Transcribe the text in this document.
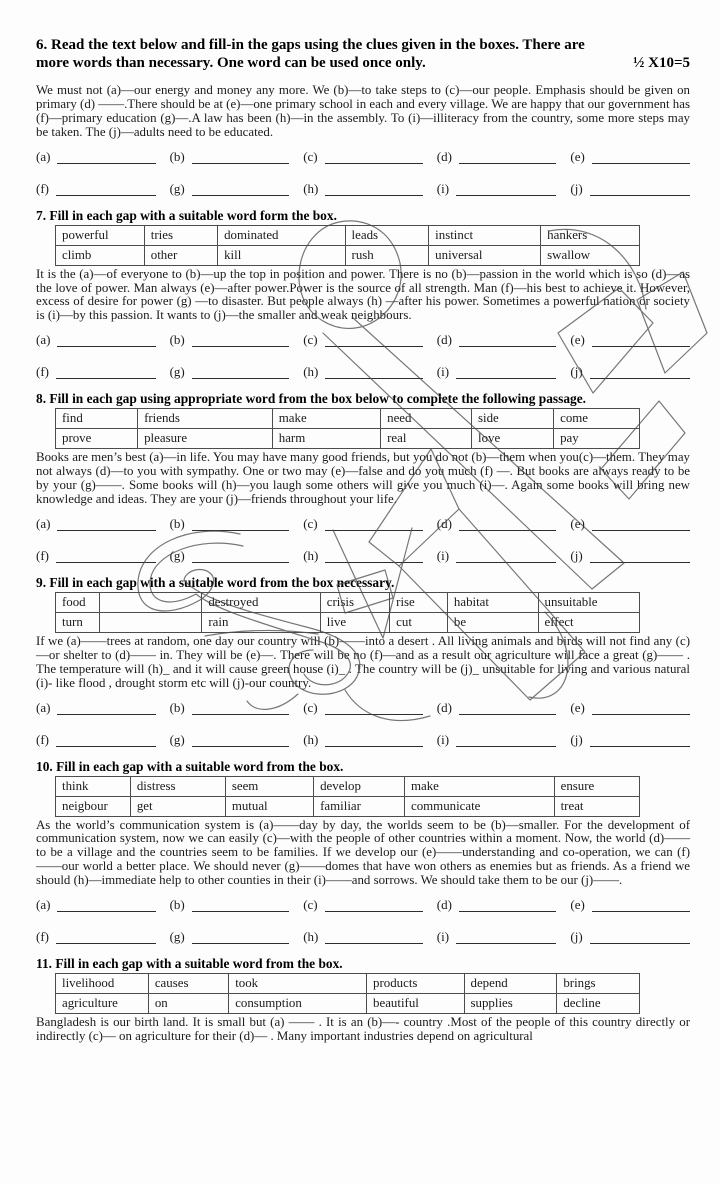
6. Read the text below and fill-in the gaps using the clues given in the boxes. There are more words than necessary. One word can be used once only.	½ X10=5

We must not (a)—our energy and money any more. We (b)—to take steps to (c)—our people. Emphasis should be given on primary (d) ——.There should be at (e)—one primary school in each and every village. We are happy that our government has (f)—primary education (g)—.A law has been (h)—in the assembly. To (i)—illiteracy from the country, some more steps may be taken. The (j)—adults need to be educated.

(a)	(b)	(c)	(d)	(e)
(f)	(g)	(h)	(i)	(j)
7. Fill in each gap with a suitable word form the box.
powerful	tries	dominated	leads	instinct	hankers
climb	other	kill	rush	universal	swallow

It is the (a)—of everyone to (b)—up the top in position and power. There is no (b)—passion in the world which is so (d)—as the love of power. Man always (e)—after power.Power is the source of all strength. Man (f)—his best to achieve it. However, excess of desire for power (g) —to disaster. But people always (h) —after his power. Sometimes a powerful nation or society is (i)—by this passion. It wants to (j)—the smaller and weak neighbours.

(a)	(b)	(c)	(d)	(e)
(f)	(g)	(h)	(i)	(j)
8. Fill in each gap using appropriate word from the box below to complete the following passage.
find	friends	make	need	side	come
prove	pleasure	harm	real	love	pay

Books are men’s best (a)—in life. You may have many good friends, but you do not (b)—them when you(c)—them. They may not always (d)—to you with sympathy. One or two may (e)—false and do you much (f) —. But books are always ready to be by your (g)——. Some books will (h)—you laugh some others will give you much (i)—. Again some books will bring new knowledge and ideas. They are your (j)—friends throughout your life.

(a)	(b)	(c)	(d)	(e)
(f)	(g)	(h)	(i)	(j)
9. Fill in each gap with a suitable word from the box necessary.
food		destroyed	crisis	rise	habitat	unsuitable
turn		rain	live	cut	be	effect

If we (a)——trees at random, one day our country will (b)——into a desert . All living animals and birds will not find any (c)—or shelter to (d)—— in. They will be (e)—. There will be no (f)—and as a result our agriculture will face a great (g)—— . The temperature will (h)_ and it will cause green house (i)_ . The country will be (j)_ unsuitable for living and various natural (i)- like flood , drought storm etc will (j)-our country.

(a)	(b)	(c)	(d)	(e)
(f)	(g)	(h)	(i)	(j)
10. Fill in each gap with a suitable word from the box.
think	distress	seem	develop	make	ensure
neigbour	get	mutual	familiar	communicate	treat

As the world’s communication system is (a)——day by day, the worlds seem to be (b)—smaller. For the development of communication system, now we can easily (c)—with the people of other countries within a moment. Now, the world (d)——to be a village and the countries seem to be families. If we develop our (e)——understanding and co-operation, we can (f)——our world a better place. We should never (g)——domes that have won others as enemies but as friends. As a friend we should (h)—immediate help to other counties in their (i)——and sorrows. We should take them to be our (j)——.

(a)	(b)	(c)	(d)	(e)
(f)	(g)	(h)	(i)	(j)
11. Fill in each gap with a suitable word from the box.
livelihood	causes	took	products	depend	brings
agriculture	on	consumption	beautiful	supplies	decline

Bangladesh is our birth land. It is small but (a) —— . It is an (b)—- country .Most of the people of this country directly or indirectly (c)— on agriculture for their (d)— . Many important industries depend on agricultural
